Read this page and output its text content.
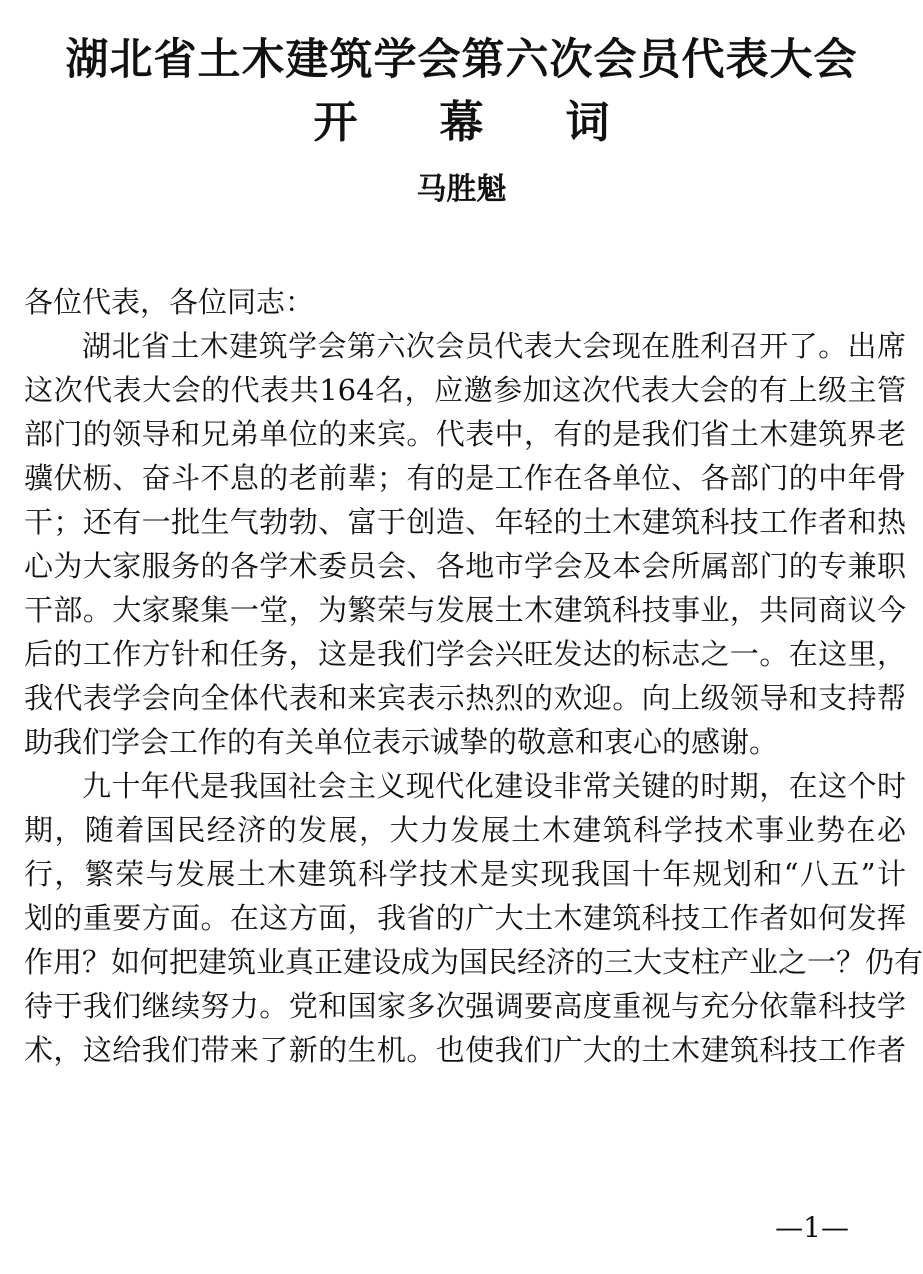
湖北省土木建筑学会第六次会员代表大会
开幕词
马胜魁
各位代表，各位同志：
湖北省土木建筑学会第六次会员代表大会现在胜利召开了。出席
这次代表大会的代表共164名，应邀参加这次代表大会的有上级主管
部门的领导和兄弟单位的来宾。代表中，有的是我们省土木建筑界老
骥伏枥、奋斗不息的老前辈；有的是工作在各单位、各部门的中年骨
干；还有一批生气勃勃、富于创造、年轻的土木建筑科技工作者和热
心为大家服务的各学术委员会、各地市学会及本会所属部门的专兼职
干部。大家聚集一堂，为繁荣与发展土木建筑科技事业，共同商议今
后的工作方针和任务，这是我们学会兴旺发达的标志之一。在这里，
我代表学会向全体代表和来宾表示热烈的欢迎。向上级领导和支持帮
助我们学会工作的有关单位表示诚挚的敬意和衷心的感谢。
九十年代是我国社会主义现代化建设非常关键的时期，在这个时
期，随着国民经济的发展，大力发展土木建筑科学技术事业势在必
行，繁荣与发展土木建筑科学技术是实现我国十年规划和“八五”计
划的重要方面。在这方面，我省的广大土木建筑科技工作者如何发挥
作用？如何把建筑业真正建设成为国民经济的三大支柱产业之一？仍有
待于我们继续努力。党和国家多次强调要高度重视与充分依靠科技学
术，这给我们带来了新的生机。也使我们广大的土木建筑科技工作者
—1—
